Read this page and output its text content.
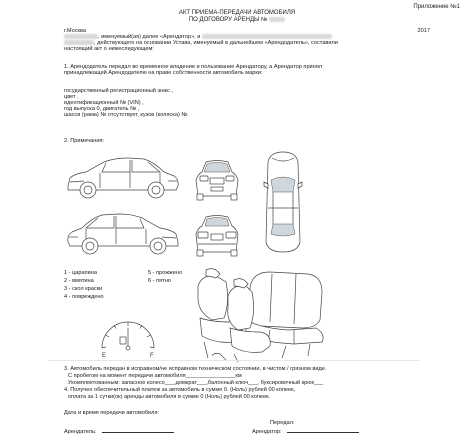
Приложение №1
АКТ ПРИЕМА-ПЕРЕДАЧИ АВТОМОБИЛЯ
ПО ДОГОВОРУ АРЕНДЫ №
г.Москва	2017
, именуемый(ая) далее «Арендатор», и
, действующего на основании Устава, именуемый в дальнейшем «Арендодатель», составили
настоящий акт о нижеследующем:
1. Арендодатель передал во временное владение и пользование Арендатору, а Арендатор принял
принадлежащий Арендодателю на праве собственности автомобиль марки:
государственный регистрационный знак: ,
цвет ,
идентификационный № (VIN) ,
год выпуска 0, двигатель № ,
шасси (рама) № отсутствует, кузов (коляска) №
2. Примечания:
1 - царапина
2 - вмятина
3 - скол краски
4 - повреждено
5 - прожжено
6 - пятно
E	F
3. Автомобиль передан в исправном/не исправном техническом состоянии, в чистом / грязном виде.
С пробегом на момент передачи автомобиля________________км
Укомплектованным: запасное колесо___,домкрат___,балонный ключ___, буксировочный крюк___
4. Получен обеспечительный платеж за автомобиль в сумме 0. (Ноль) рублей 00 копеек,
оплата за 1 сутки(ок) аренды автомобиля в сумме 0 (Ноль) рублей 00 копеек.
Дата и время передачи автомобиля:
Передал:
Арендатель:	Арендатор:
